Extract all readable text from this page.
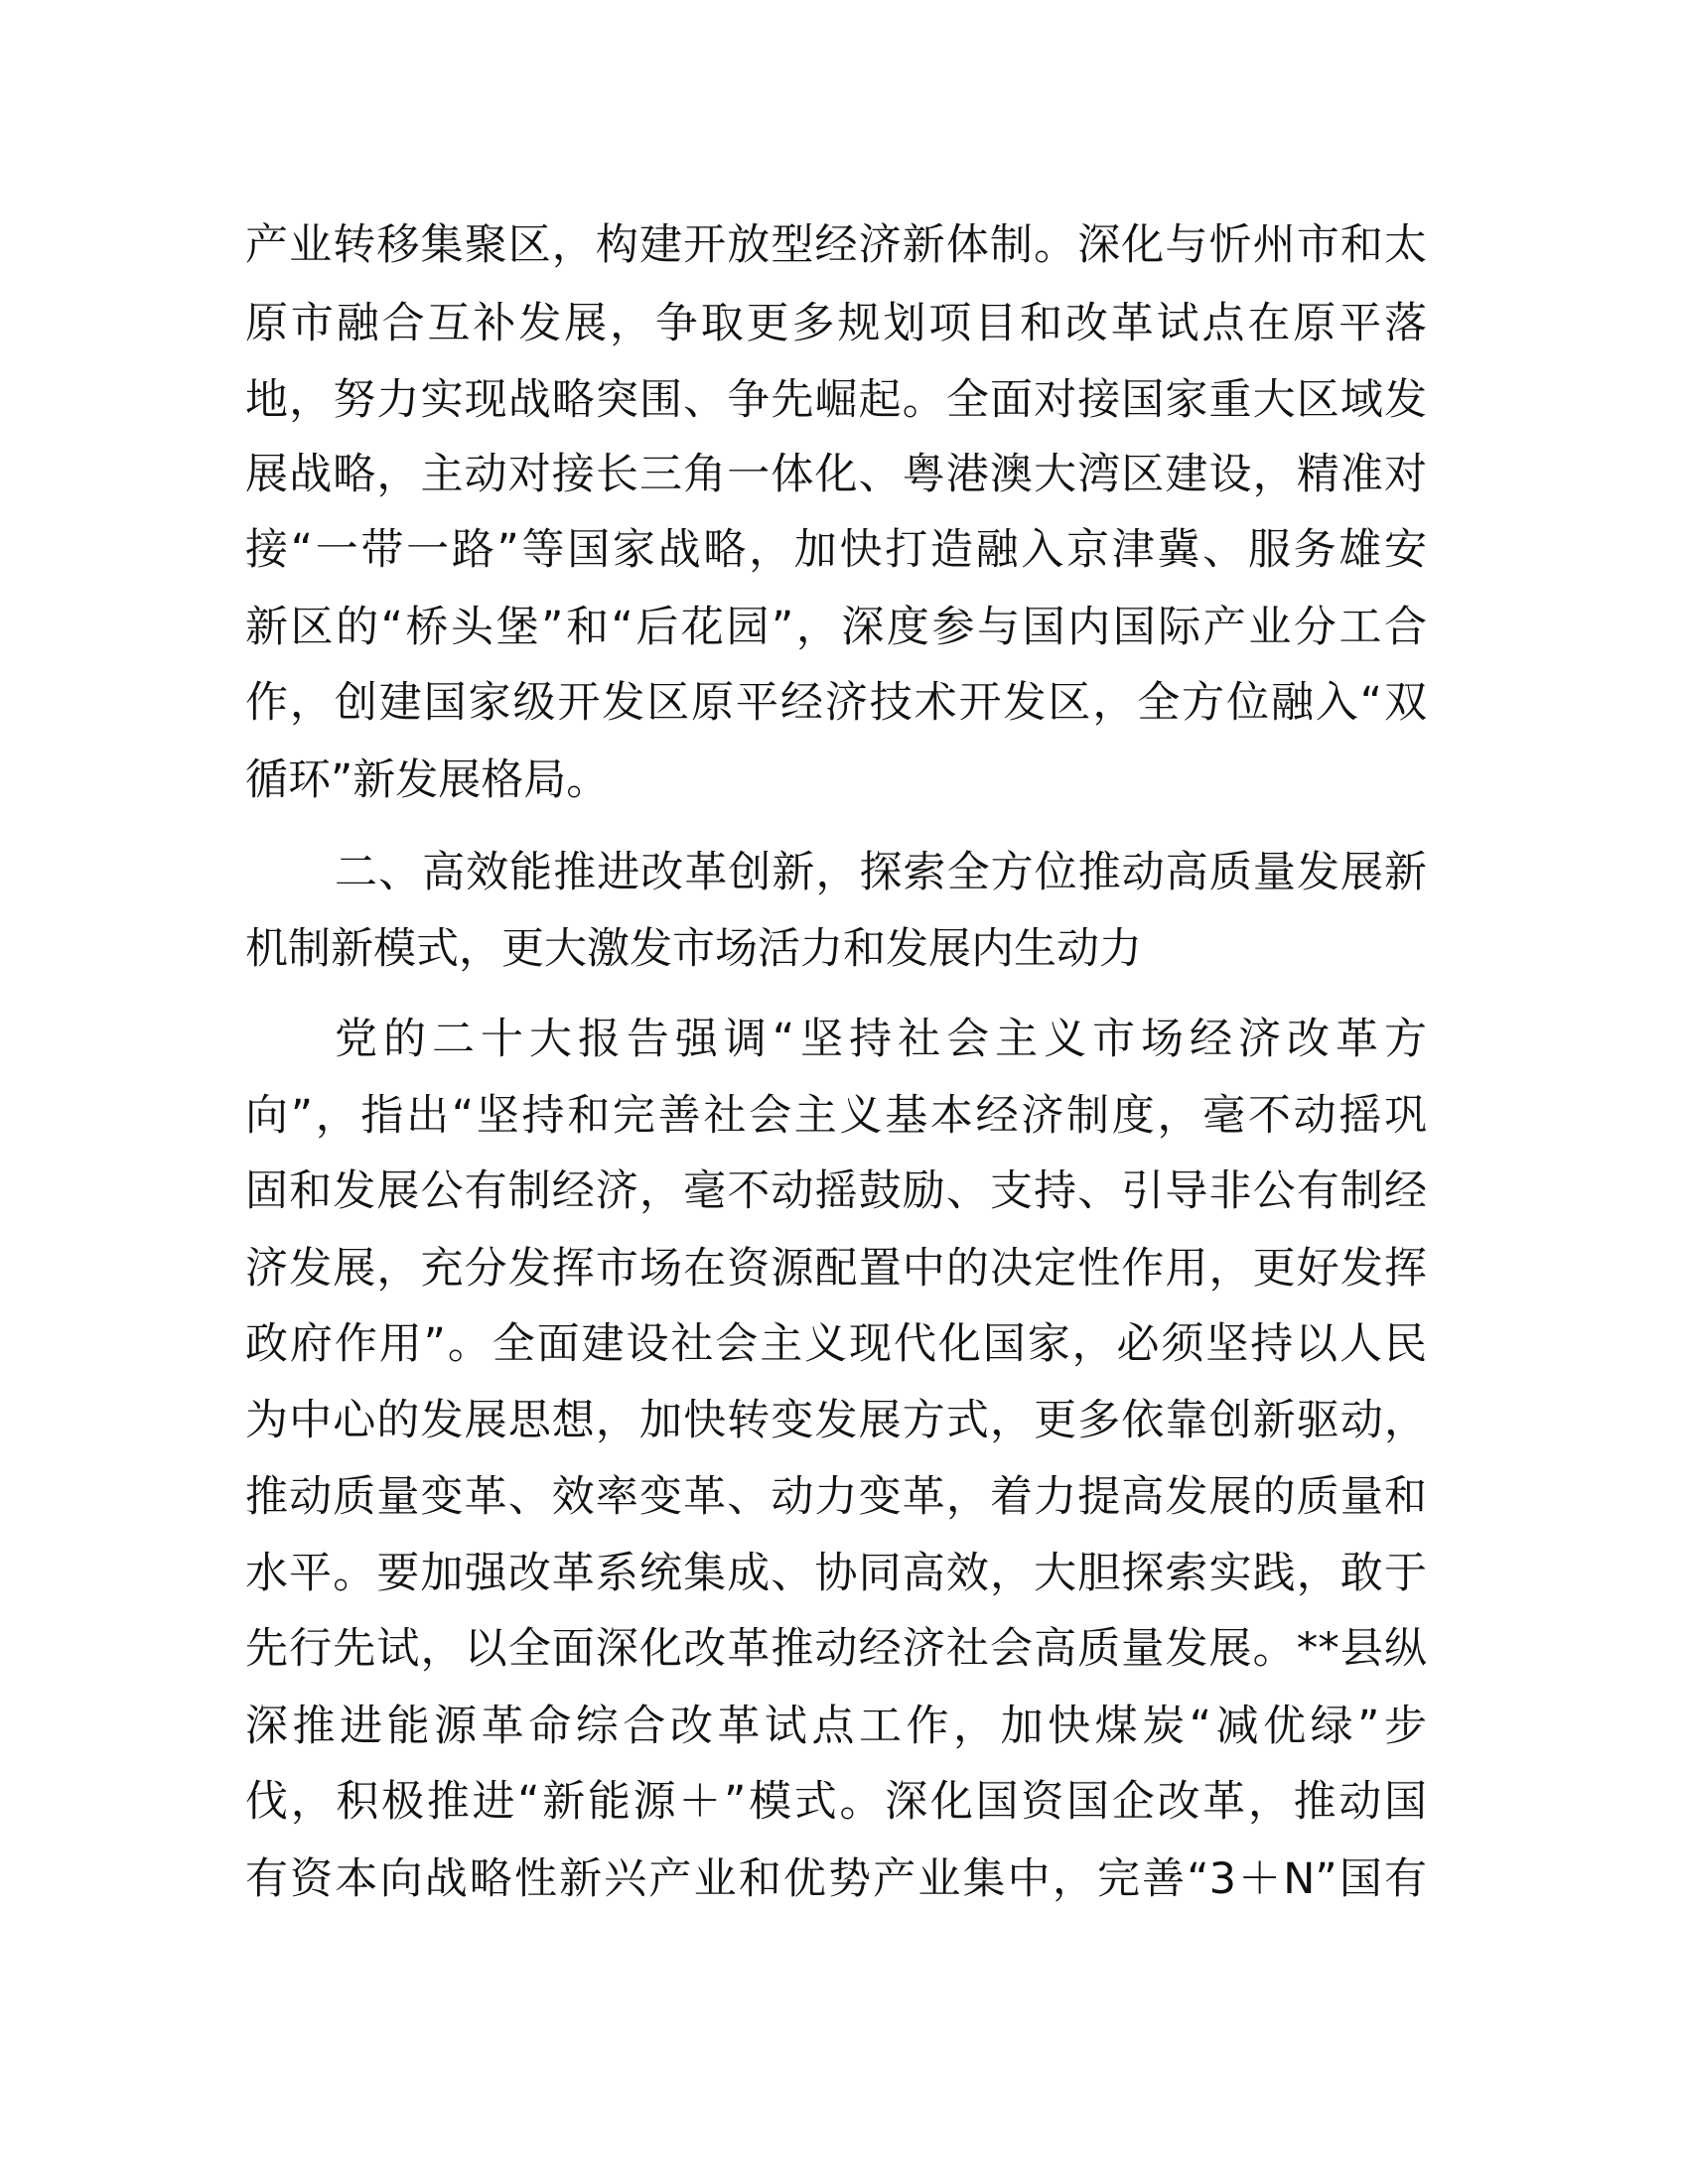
产业转移集聚区，构建开放型经济新体制。深化与忻州市和太
原市融合互补发展，争取更多规划项目和改革试点在原平落
地，努力实现战略突围、争先崛起。全面对接国家重大区域发
展战略，主动对接长三角一体化、粤港澳大湾区建设，精准对
接“一带一路”等国家战略，加快打造融入京津冀、服务雄安
新区的“桥头堡”和“后花园”，深度参与国内国际产业分工合
作，创建国家级开发区原平经济技术开发区，全方位融入“双
循环”新发展格局。
二、高效能推进改革创新，探索全方位推动高质量发展新
机制新模式，更大激发市场活力和发展内生动力
党的二十大报告强调“坚持社会主义市场经济改革方
向”，指出“坚持和完善社会主义基本经济制度，毫不动摇巩
固和发展公有制经济，毫不动摇鼓励、支持、引导非公有制经
济发展，充分发挥市场在资源配置中的决定性作用，更好发挥
政府作用”。全面建设社会主义现代化国家，必须坚持以人民
为中心的发展思想，加快转变发展方式，更多依靠创新驱动，
推动质量变革、效率变革、动力变革，着力提高发展的质量和
水平。要加强改革系统集成、协同高效，大胆探索实践，敢于
先行先试，以全面深化改革推动经济社会高质量发展。**县纵
深推进能源革命综合改革试点工作，加快煤炭“减优绿”步
伐，积极推进“新能源＋”模式。深化国资国企改革，推动国
有资本向战略性新兴产业和优势产业集中，完善“3＋N”国有
